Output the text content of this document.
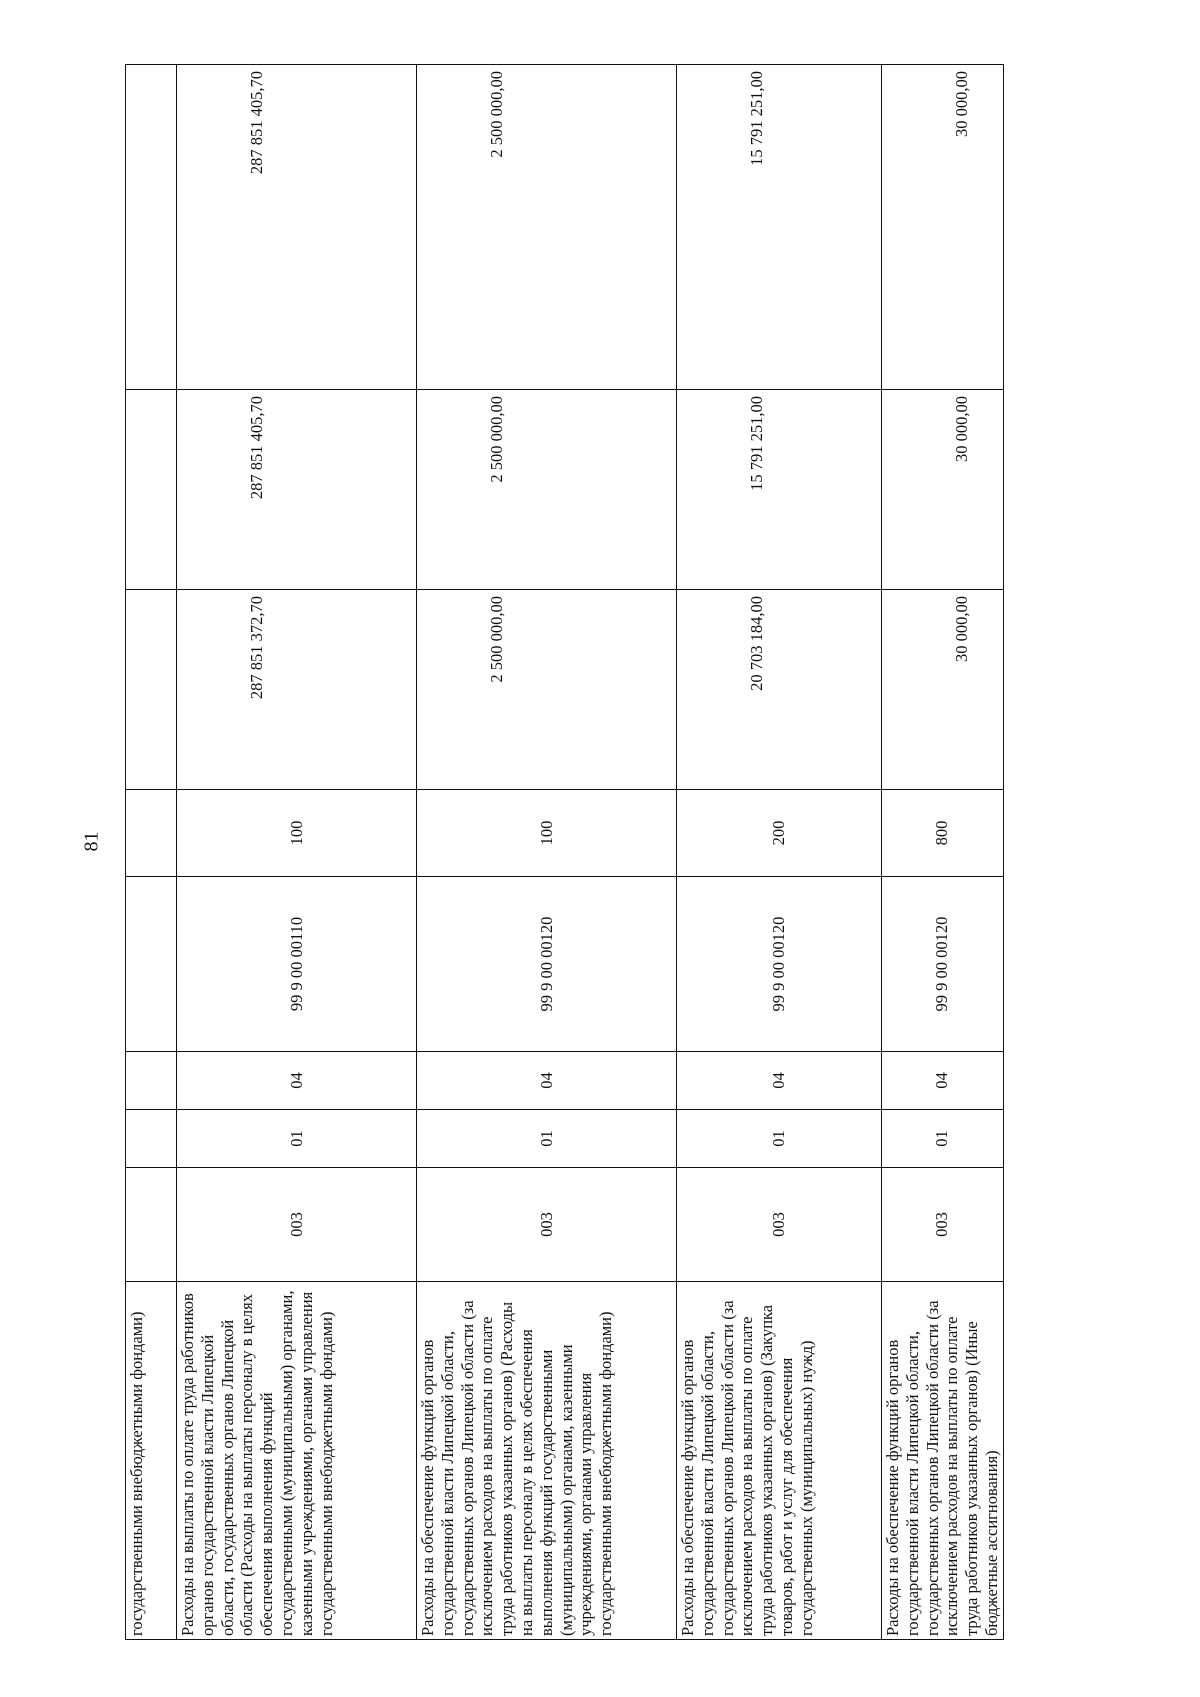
81
государственными внебюджетными фондами)								
Расходы на выплаты по оплате труда работников органов государственной власти Липецкой области, государственных органов Липецкой области (Расходы на выплаты персоналу в целях обеспечения выполнения функций государственными (муниципальными) органами, казенными учреждениями, органами управления государственными внебюджетными фондами)	003	01	04	99 9 00 00110	100	287 851 372,70	287 851 405,70	287 851 405,70
Расходы на обеспечение функций органов государственной власти Липецкой области, государственных органов Липецкой области (за исключением расходов на выплаты по оплате труда работников указанных органов) (Расходы на выплаты персоналу в целях обеспечения выполнения функций государственными (муниципальными) органами, казенными учреждениями, органами управления государственными внебюджетными фондами)	003	01	04	99 9 00 00120	100	2 500 000,00	2 500 000,00	2 500 000,00
Расходы на обеспечение функций органов государственной власти Липецкой области, государственных органов Липецкой области (за исключением расходов на выплаты по оплате труда работников указанных органов) (Закупка товаров, работ и услуг для обеспечения государственных (муниципальных) нужд)	003	01	04	99 9 00 00120	200	20 703 184,00	15 791 251,00	15 791 251,00
Расходы на обеспечение функций органов государственной власти Липецкой области, государственных органов Липецкой области (за исключением расходов на выплаты по оплате труда работников указанных органов) (Иные бюджетные ассигнования)	003	01	04	99 9 00 00120	800	30 000,00	30 000,00	30 000,00
